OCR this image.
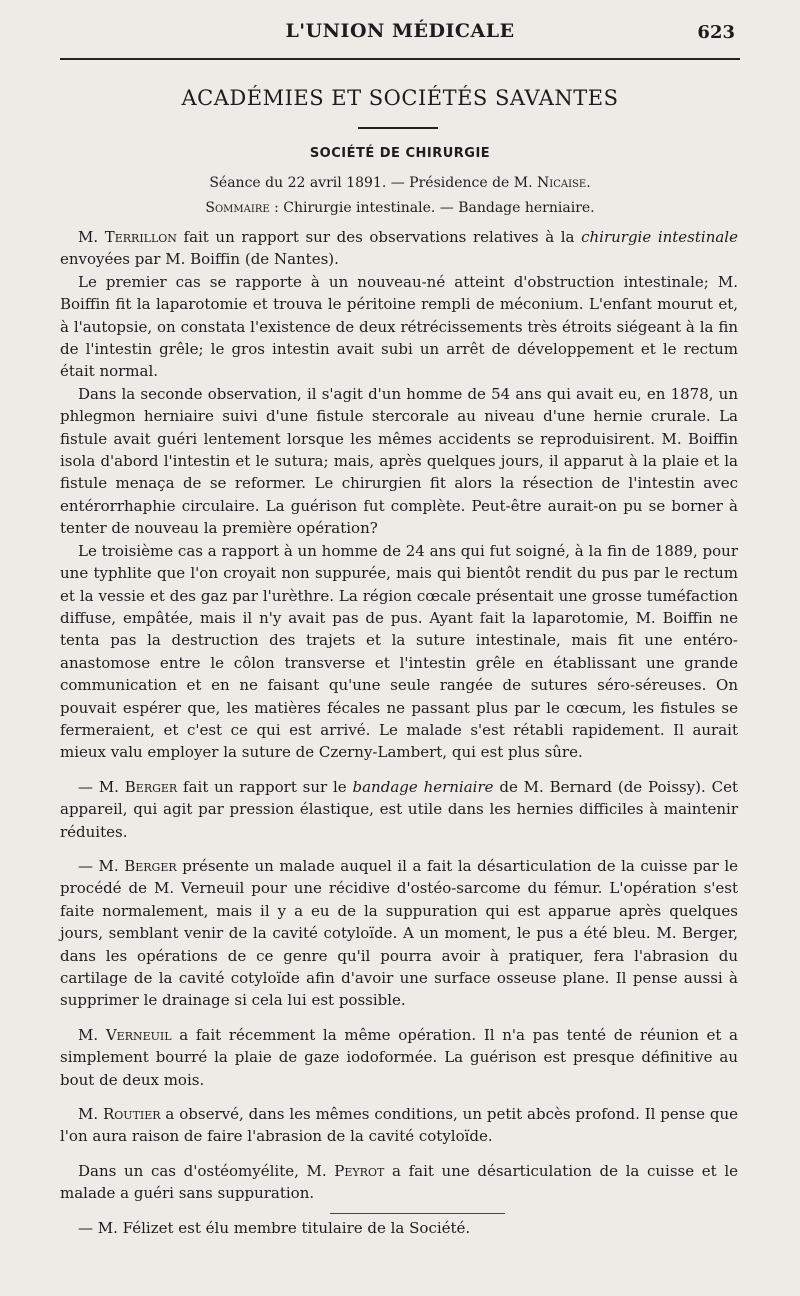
L'UNION MÉDICALE	623
ACADÉMIES ET SOCIÉTÉS SAVANTES
SOCIÉTÉ DE CHIRURGIE
Séance du 22 avril 1891. — Présidence de M. Nicaise.
Sommaire : Chirurgie intestinale. — Bandage herniaire.

M. Terrillon fait un rapport sur des observations relatives à la chirurgie intestinale envoyées par M. Boiffin (de Nantes).

Le premier cas se rapporte à un nouveau-né atteint d'obstruction intestinale; M. Boiffin fit la laparotomie et trouva le péritoine rempli de méconium. L'enfant mourut et, à l'autopsie, on constata l'existence de deux rétrécissements très étroits siégeant à la fin de l'intestin grêle; le gros intestin avait subi un arrêt de développement et le rectum était normal.

Dans la seconde observation, il s'agit d'un homme de 54 ans qui avait eu, en 1878, un phlegmon herniaire suivi d'une fistule stercorale au niveau d'une hernie crurale. La fistule avait guéri lentement lorsque les mêmes accidents se reproduisirent. M. Boiffin isola d'abord l'intestin et le sutura; mais, après quelques jours, il apparut à la plaie et la fistule menaça de se reformer. Le chirurgien fit alors la résection de l'intestin avec entérorrhaphie circulaire. La guérison fut complète. Peut-être aurait-on pu se borner à tenter de nouveau la première opération?

Le troisième cas a rapport à un homme de 24 ans qui fut soigné, à la fin de 1889, pour une typhlite que l'on croyait non suppurée, mais qui bientôt rendit du pus par le rectum et la vessie et des gaz par l'urèthre. La région cœcale présentait une grosse tuméfaction diffuse, empâtée, mais il n'y avait pas de pus. Ayant fait la laparotomie, M. Boiffin ne tenta pas la destruction des trajets et la suture intestinale, mais fit une entéro-anastomose entre le côlon transverse et l'intestin grêle en établissant une grande communication et en ne faisant qu'une seule rangée de sutures séro-séreuses. On pouvait espérer que, les matières fécales ne passant plus par le cœcum, les fistules se fermeraient, et c'est ce qui est arrivé. Le malade s'est rétabli rapidement. Il aurait mieux valu employer la suture de Czerny-Lambert, qui est plus sûre.

— M. Berger fait un rapport sur le bandage herniaire de M. Bernard (de Poissy). Cet appareil, qui agit par pression élastique, est utile dans les hernies difficiles à maintenir réduites.

— M. Berger présente un malade auquel il a fait la désarticulation de la cuisse par le procédé de M. Verneuil pour une récidive d'ostéo-sarcome du fémur. L'opération s'est faite normalement, mais il y a eu de la suppuration qui est apparue après quelques jours, semblant venir de la cavité cotyloïde. A un moment, le pus a été bleu. M. Berger, dans les opérations de ce genre qu'il pourra avoir à pratiquer, fera l'abrasion du cartilage de la cavité cotyloïde afin d'avoir une surface osseuse plane. Il pense aussi à supprimer le drainage si cela lui est possible.

M. Verneuil a fait récemment la même opération. Il n'a pas tenté de réunion et a simplement bourré la plaie de gaze iodoformée. La guérison est presque définitive au bout de deux mois.

M. Routier a observé, dans les mêmes conditions, un petit abcès profond. Il pense que l'on aura raison de faire l'abrasion de la cavité cotyloïde.

Dans un cas d'ostéomyélite, M. Peyrot a fait une désarticulation de la cuisse et le malade a guéri sans suppuration.

— M. Félizet est élu membre titulaire de la Société.
